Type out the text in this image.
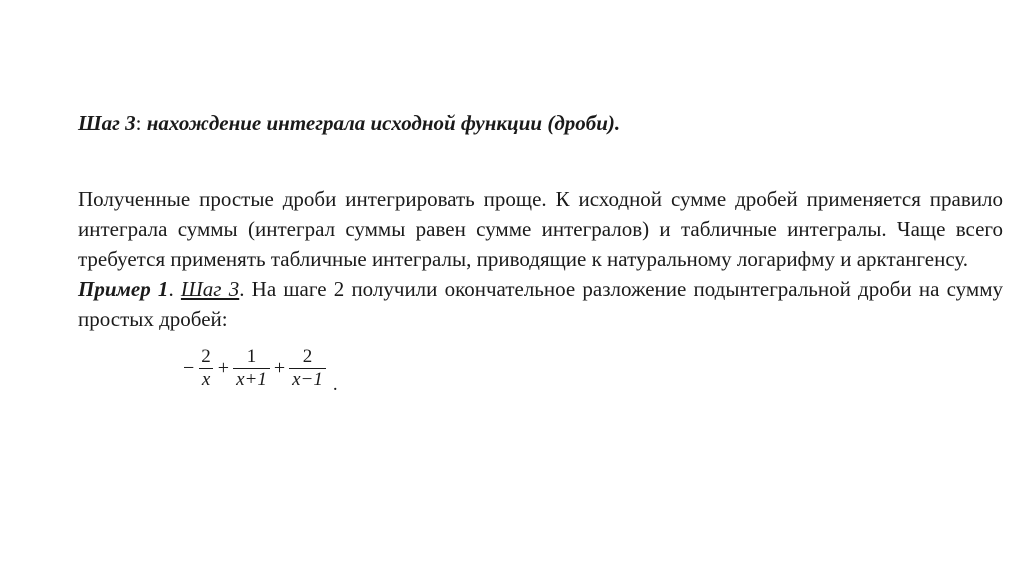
Шаг 3: нахождение интеграла исходной функции (дроби).

Полученные простые дроби интегрировать проще. К исходной сумме дробей применяется правило интеграла суммы (интеграл суммы равен сумме интегралов) и табличные интегралы. Чаще всего требуется применять табличные интегралы, приводящие к натуральному логарифму и арктангенсу.

Пример 1. Шаг 3. На шаге 2 получили окончательное разложение подынтегральной дроби на сумму простых дробей:

− $\frac{2}{x} + \frac{1}{x+1} + \frac{2}{x-1}$ .
